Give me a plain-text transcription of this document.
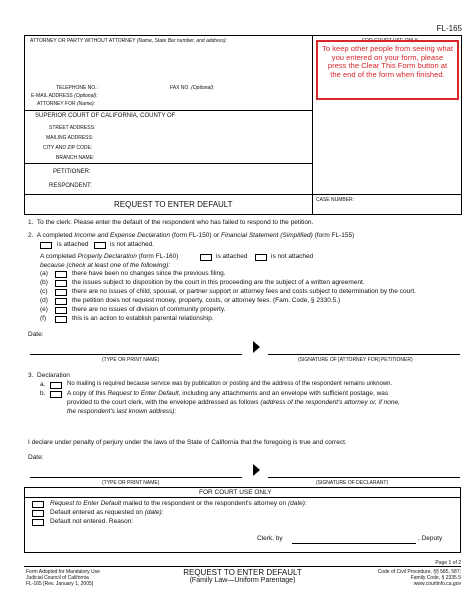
FL-165
ATTORNEY OR PARTY WITHOUT ATTORNEY (Name, State Bar number, and address):	FOR COURT USE ONLY
To keep other people from seeing what you entered on your form, please press the Clear This Form button at the end of the form when finished.
TELEPHONE NO.:	FAX NO. (Optional):
E-MAIL ADDRESS (Optional):
ATTORNEY FOR (Name):
SUPERIOR COURT OF CALIFORNIA, COUNTY OF
STREET ADDRESS:
MAILING ADDRESS:
CITY AND ZIP CODE:
BRANCH NAME:
PETITIONER:
RESPONDENT:
REQUEST TO ENTER DEFAULT	CASE NUMBER:
1. To the clerk: Please enter the default of the respondent who has failed to respond to the petition.
2. A completed Income and Expense Declaration (form FL-150) or Financial Statement (Simplified) (form FL-155)
is attached	is not attached.
A completed Property Declaration (form FL-160)	is attached	is not attached
because (check at least one of the following):
(a)	there have been no changes since the previous filing.
(b)	the issues subject to disposition by the court in this proceeding are the subject of a written agreement.
(c)	there are no issues of child, spousal, or partner support or attorney fees and costs subject to determination by the court.
(d)	the petition does not request money, property, costs, or attorney fees. (Fam. Code, § 2330.5.)
(e)	there are no issues of division of community property.
(f)	this is an action to establish parental relationship.
Date:
(TYPE OR PRINT NAME)	(SIGNATURE OF [ATTORNEY FOR] PETITIONER)
3. Declaration
a.	No mailing is required because service was by publication or posting and the address of the respondent remains unknown.
b.	A copy of this Request to Enter Default, including any attachments and an envelope with sufficient postage, was
provided to the court clerk, with the envelope addressed as follows (address of the respondent's attorney or, if none,
the respondent's last known address):
I declare under penalty of perjury under the laws of the State of California that the foregoing is true and correct.
Date:
(TYPE OR PRINT NAME)	(SIGNATURE OF DECLARANT)
FOR COURT USE ONLY
Request to Enter Default mailed to the respondent or the respondent's attorney on (date):
Default entered as requested on (date):
Default not entered. Reason:
Clerk, by	, Deputy
Page 1 of 2
Form Adopted for Mandatory Use
Judicial Council of California
FL-165 [Rev. January 1, 2005]
REQUEST TO ENTER DEFAULT
(Family Law—Uniform Parentage)
Code of Civil Procedure, §§ 585, 587;
Family Code, § 2335.5
www.courtinfo.ca.gov
